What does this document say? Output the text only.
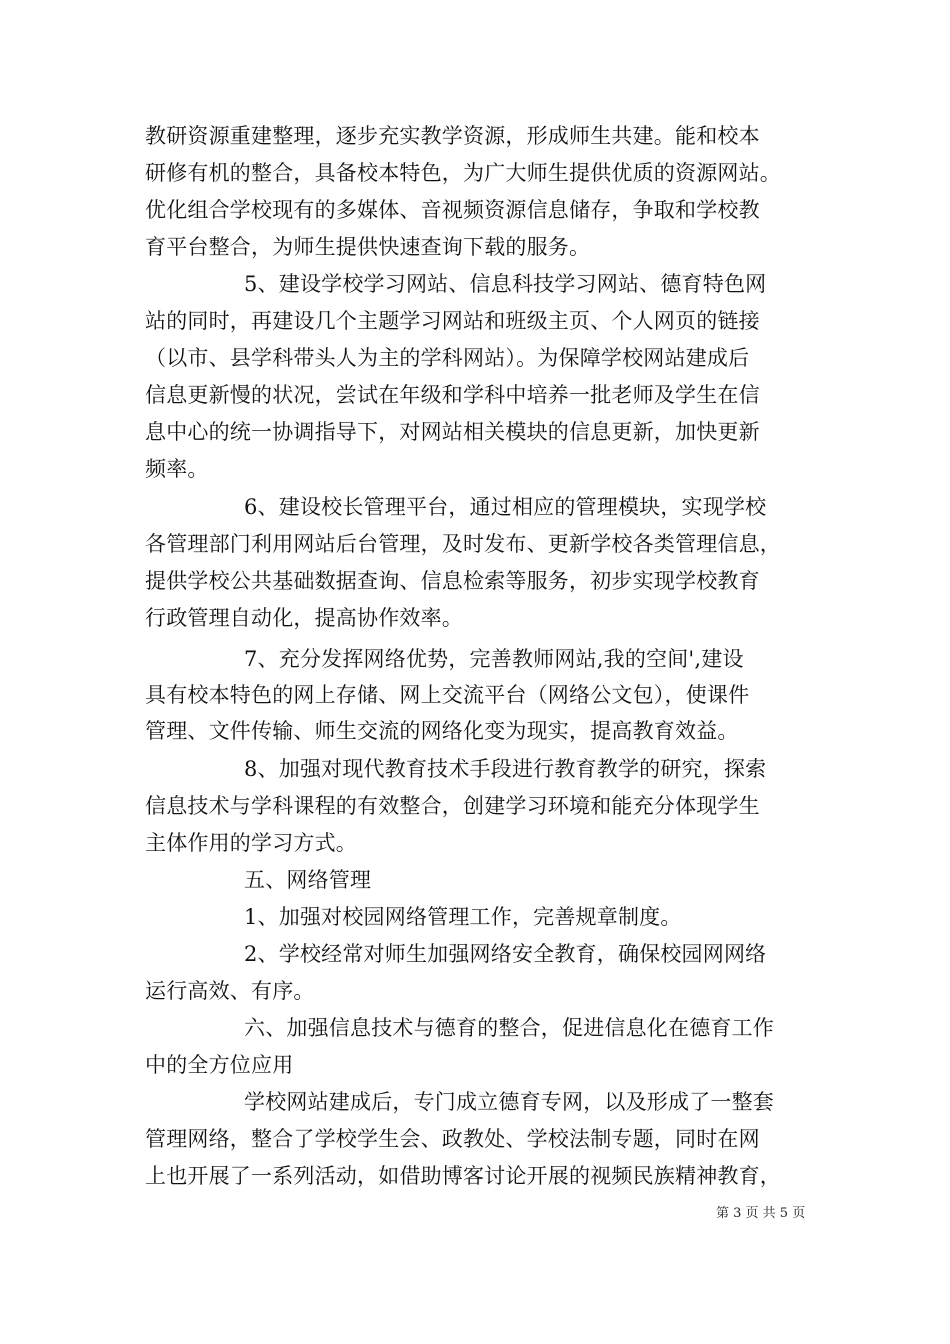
教研资源重建整理，逐步充实教学资源，形成师生共建。能和校本
研修有机的整合，具备校本特色，为广大师生提供优质的资源网站。
优化组合学校现有的多媒体、音视频资源信息储存，争取和学校教
育平台整合，为师生提供快速查询下载的服务。
5、建设学校学习网站、信息科技学习网站、德育特色网
站的同时，再建设几个主题学习网站和班级主页、个人网页的链接
（以市、县学科带头人为主的学科网站）。为保障学校网站建成后
信息更新慢的状况，尝试在年级和学科中培养一批老师及学生在信
息中心的统一协调指导下，对网站相关模块的信息更新，加快更新
频率。
6、建设校长管理平台，通过相应的管理模块，实现学校
各管理部门利用网站后台管理，及时发布、更新学校各类管理信息，
提供学校公共基础数据查询、信息检索等服务，初步实现学校教育
行政管理自动化，提高协作效率。
7、充分发挥网络优势，完善教师网站,我的空间',建设
具有校本特色的网上存储、网上交流平台（网络公文包），使课件
管理、文件传输、师生交流的网络化变为现实，提高教育效益。
8、加强对现代教育技术手段进行教育教学的研究，探索
信息技术与学科课程的有效整合，创建学习环境和能充分体现学生
主体作用的学习方式。
五、网络管理
1、加强对校园网络管理工作，完善规章制度。
2、学校经常对师生加强网络安全教育，确保校园网网络
运行高效、有序。
六、加强信息技术与德育的整合，促进信息化在德育工作
中的全方位应用
学校网站建成后，专门成立德育专网，以及形成了一整套
管理网络，整合了学校学生会、政教处、学校法制专题，同时在网
上也开展了一系列活动，如借助博客讨论开展的视频民族精神教育，
第 3 页 共 5 页
